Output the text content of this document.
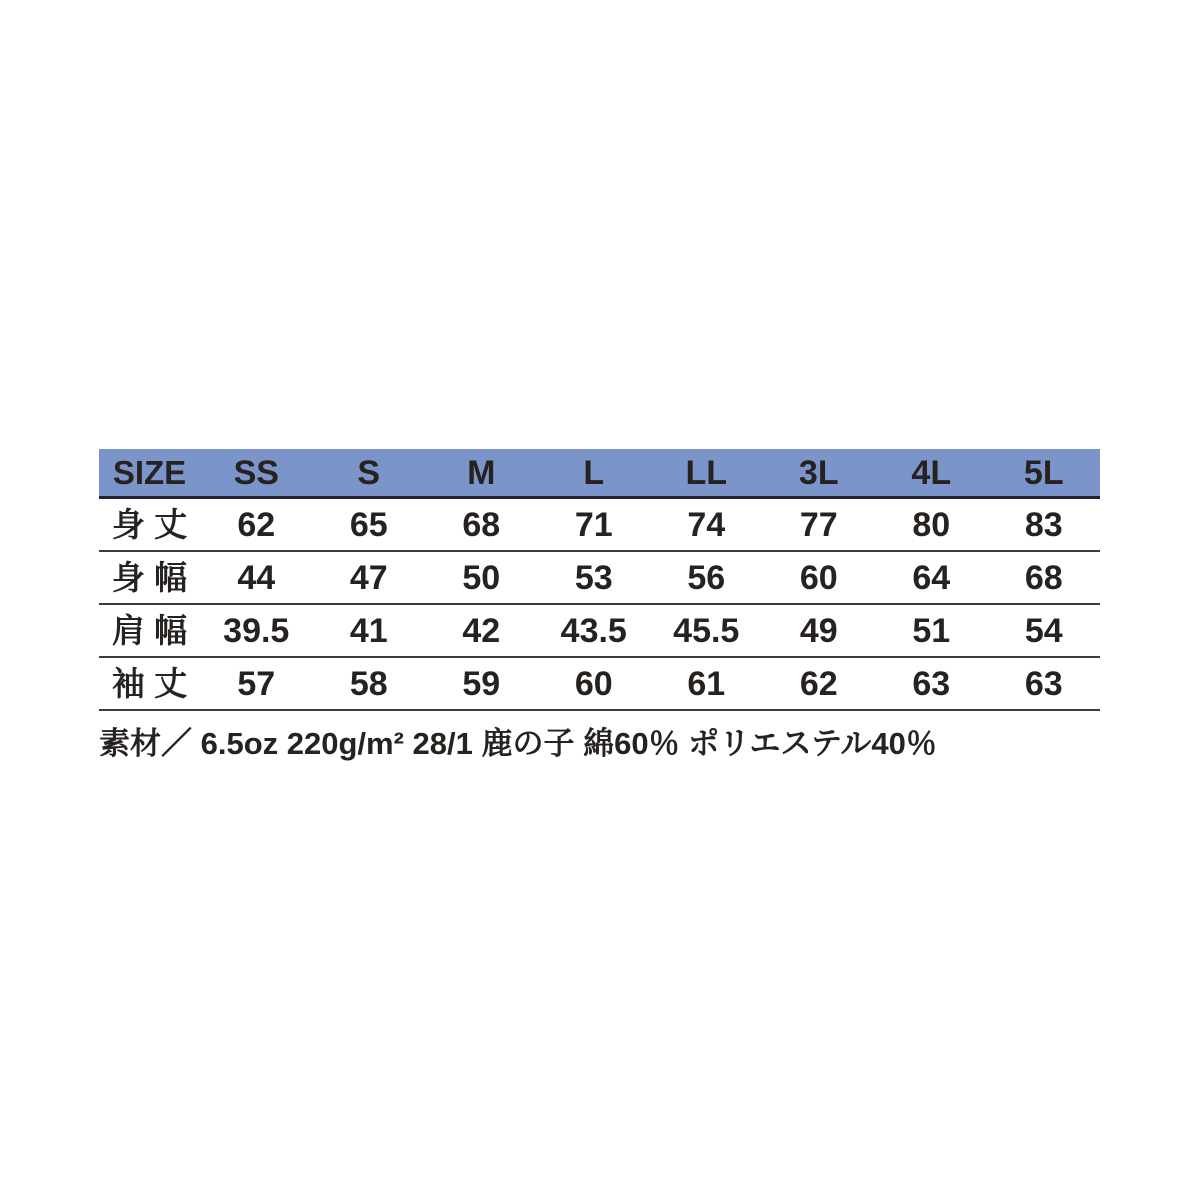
SIZE	SS	S	M	L	LL	3L	4L	5L
身 丈	62	65	68	71	74	77	80	83
身 幅	44	47	50	53	56	60	64	68
肩 幅	39.5	41	42	43.5	45.5	49	51	54
袖 丈	57	58	59	60	61	62	63	63
素材／ 6.5oz 220g/m² 28/1 鹿の子 綿60％ ポリエステル40％
